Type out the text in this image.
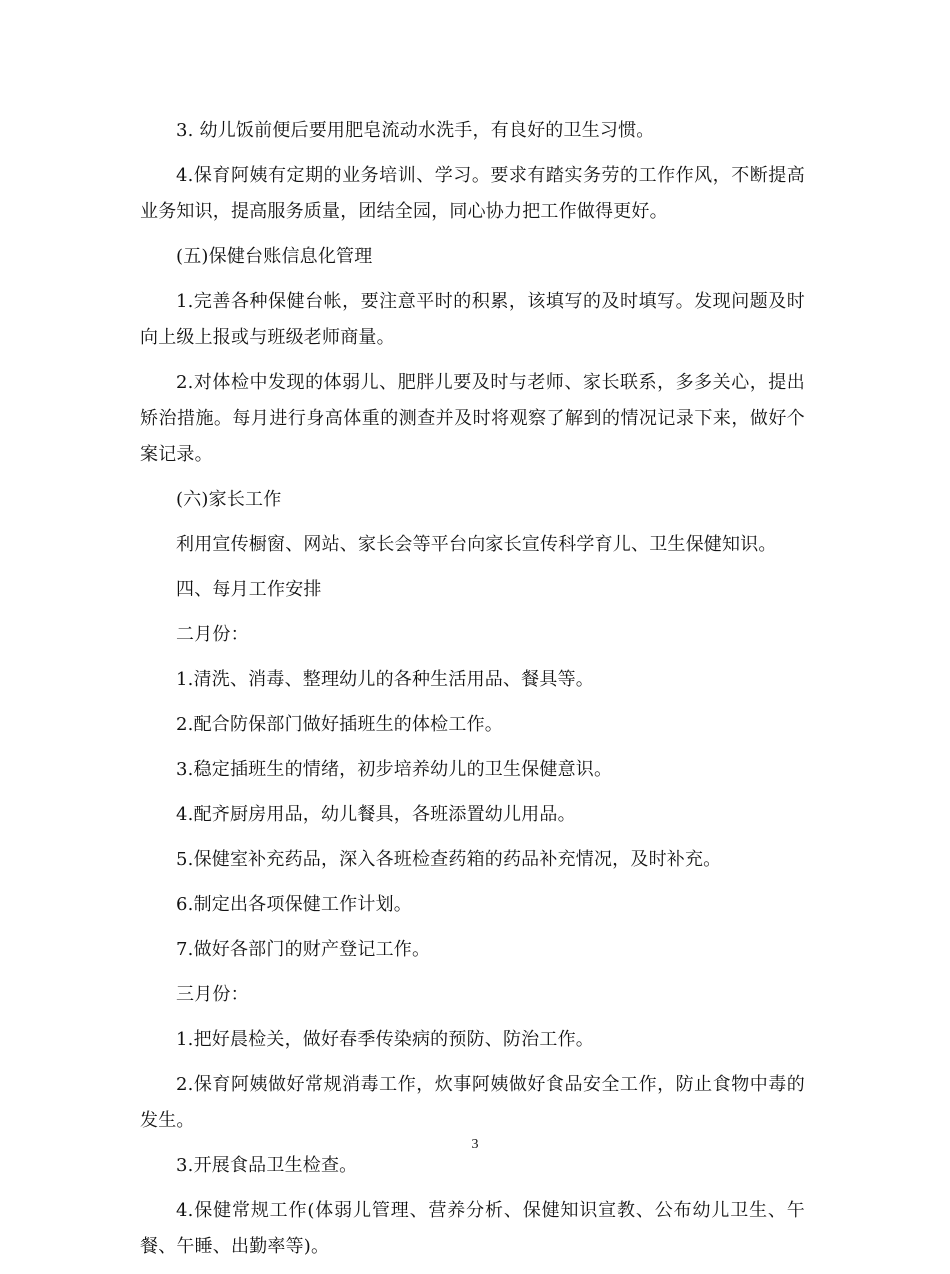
3. 幼儿饭前便后要用肥皂流动水洗手，有良好的卫生习惯。

4.保育阿姨有定期的业务培训、学习。要求有踏实务劳的工作作风，不断提高业务知识，提高服务质量，团结全园，同心协力把工作做得更好。

(五)保健台账信息化管理

1.完善各种保健台帐，要注意平时的积累，该填写的及时填写。发现问题及时向上级上报或与班级老师商量。

2.对体检中发现的体弱儿、肥胖儿要及时与老师、家长联系，多多关心，提出矫治措施。每月进行身高体重的测查并及时将观察了解到的情况记录下来，做好个案记录。

(六)家长工作

利用宣传橱窗、网站、家长会等平台向家长宣传科学育儿、卫生保健知识。

四、每月工作安排

二月份：

1.清洗、消毒、整理幼儿的各种生活用品、餐具等。

2.配合防保部门做好插班生的体检工作。

3.稳定插班生的情绪，初步培养幼儿的卫生保健意识。

4.配齐厨房用品，幼儿餐具，各班添置幼儿用品。

5.保健室补充药品，深入各班检查药箱的药品补充情况，及时补充。

6.制定出各项保健工作计划。

7.做好各部门的财产登记工作。

三月份：

1.把好晨检关，做好春季传染病的预防、防治工作。

2.保育阿姨做好常规消毒工作，炊事阿姨做好食品安全工作，防止食物中毒的发生。

3.开展食品卫生检查。

4.保健常规工作(体弱儿管理、营养分析、保健知识宣教、公布幼儿卫生、午餐、午睡、出勤率等)。

3
